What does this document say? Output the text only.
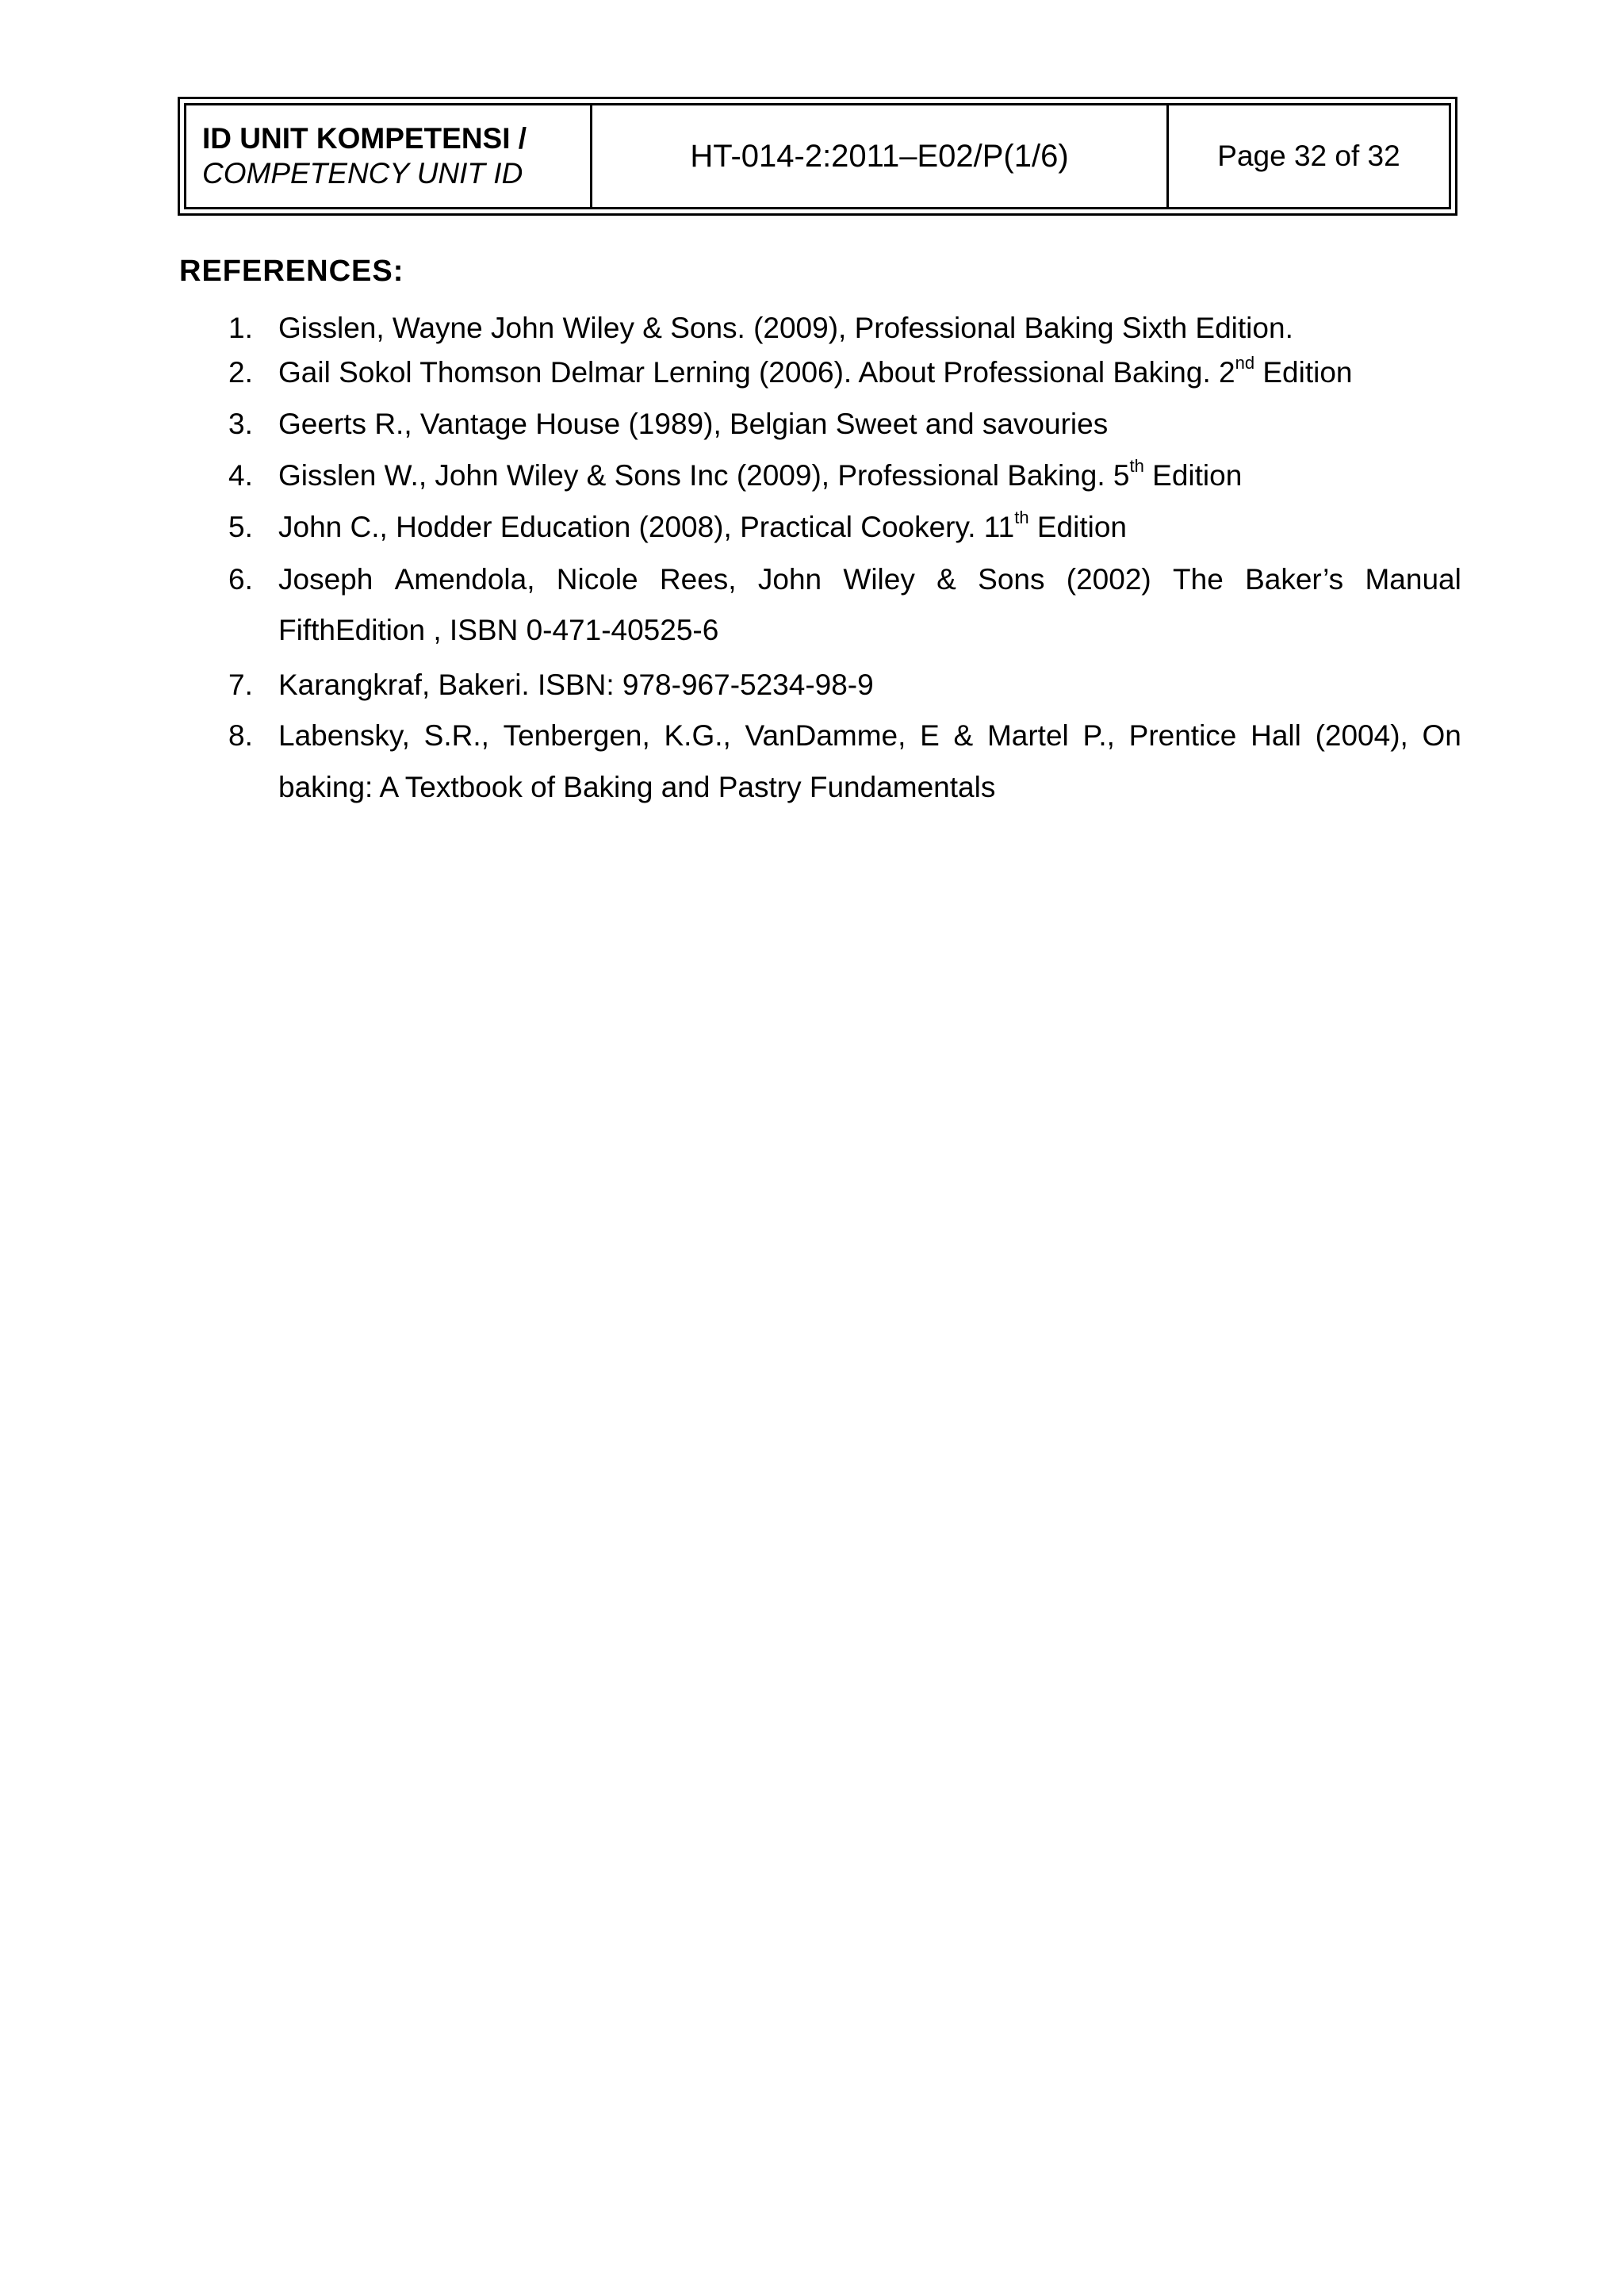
ID UNIT KOMPETENSI /
COMPETENCY UNIT ID	HT-014-2:2011–E02/P(1/6)	Page 32 of 32
REFERENCES:
1. Gisslen, Wayne John Wiley & Sons. (2009), Professional Baking Sixth Edition.
2. Gail Sokol Thomson Delmar Lerning (2006). About Professional Baking. 2nd Edition
3. Geerts R., Vantage House (1989), Belgian Sweet and savouries
4. Gisslen W., John Wiley & Sons Inc (2009), Professional Baking. 5th Edition
5. John C., Hodder Education (2008), Practical Cookery. 11th Edition
6. Joseph Amendola, Nicole Rees, John Wiley & Sons (2002) The Baker’s Manual
FifthEdition , ISBN 0-471-40525-6
7. Karangkraf, Bakeri. ISBN: 978-967-5234-98-9
8. Labensky, S.R., Tenbergen, K.G., VanDamme, E & Martel P., Prentice Hall (2004), On
baking: A Textbook of Baking and Pastry Fundamentals
